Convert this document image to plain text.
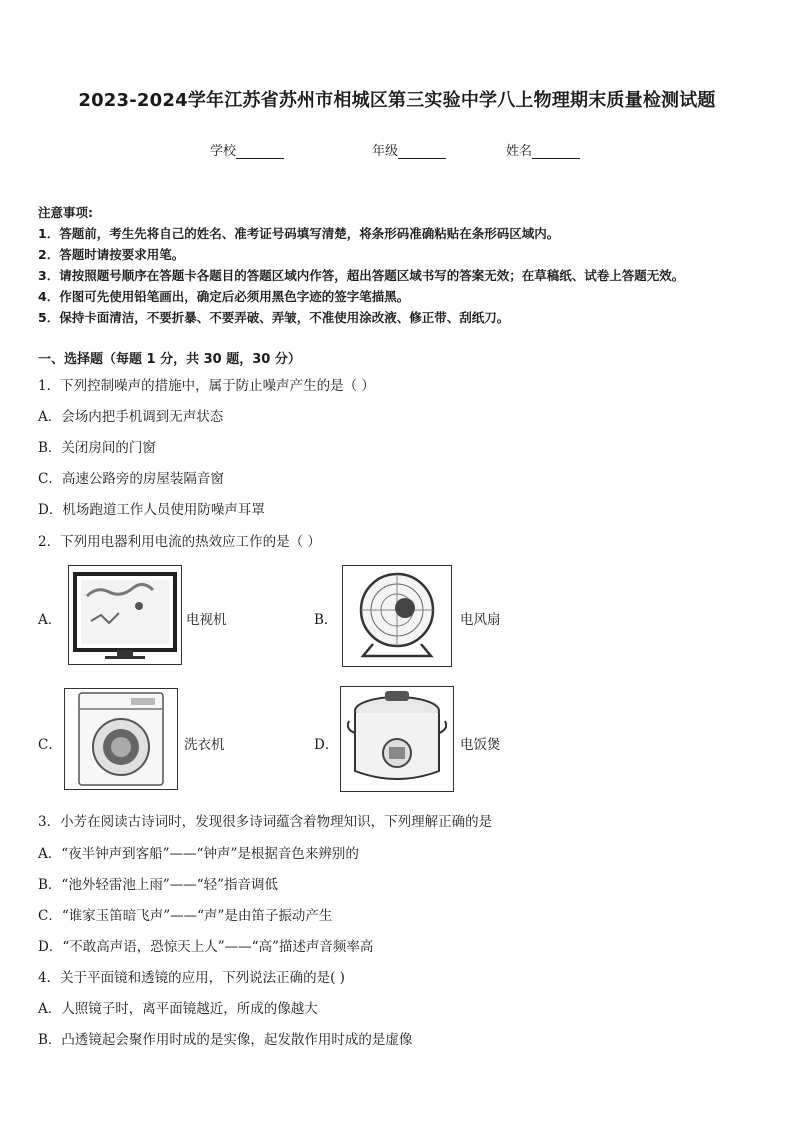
2023-2024学年江苏省苏州市相城区第三实验中学八上物理期末质量检测试题
学校	年级	姓名
注意事项:
1．答题前，考生先将自己的姓名、准考证号码填写清楚，将条形码准确粘贴在条形码区域内。
2．答题时请按要求用笔。
3．请按照题号顺序在答题卡各题目的答题区域内作答，超出答题区域书写的答案无效；在草稿纸、试卷上答题无效。
4．作图可先使用铅笔画出，确定后必须用黑色字迹的签字笔描黑。
5．保持卡面清洁，不要折暴、不要弄破、弄皱，不准使用涂改液、修正带、刮纸刀。
一、选择题（每题 1 分，共 30 题，30 分）
1．下列控制噪声的措施中，属于防止噪声产生的是（ ）
A．会场内把手机调到无声状态
B．关闭房间的门窗
C．高速公路旁的房屋装隔音窗
D．机场跑道工作人员使用防噪声耳罩
2．下列用电器利用电流的热效应工作的是（ ）
A．	电视机	B．	电风扇
C．	洗衣机	D．	电饭煲
3．小芳在阅读古诗词时，发现很多诗词蕴含着物理知识，下列理解正确的是
A．“夜半钟声到客船”——“钟声”是根据音色来辨别的
B．“池外轻雷池上雨”——“轻”指音调低
C．“谁家玉笛暗飞声”——“声”是由笛子振动产生
D．“不敢高声语，恐惊天上人”——“高”描述声音频率高
4．关于平面镜和透镜的应用，下列说法正确的是( )
A．人照镜子时，离平面镜越近，所成的像越大
B．凸透镜起会聚作用时成的是实像，起发散作用时成的是虚像
